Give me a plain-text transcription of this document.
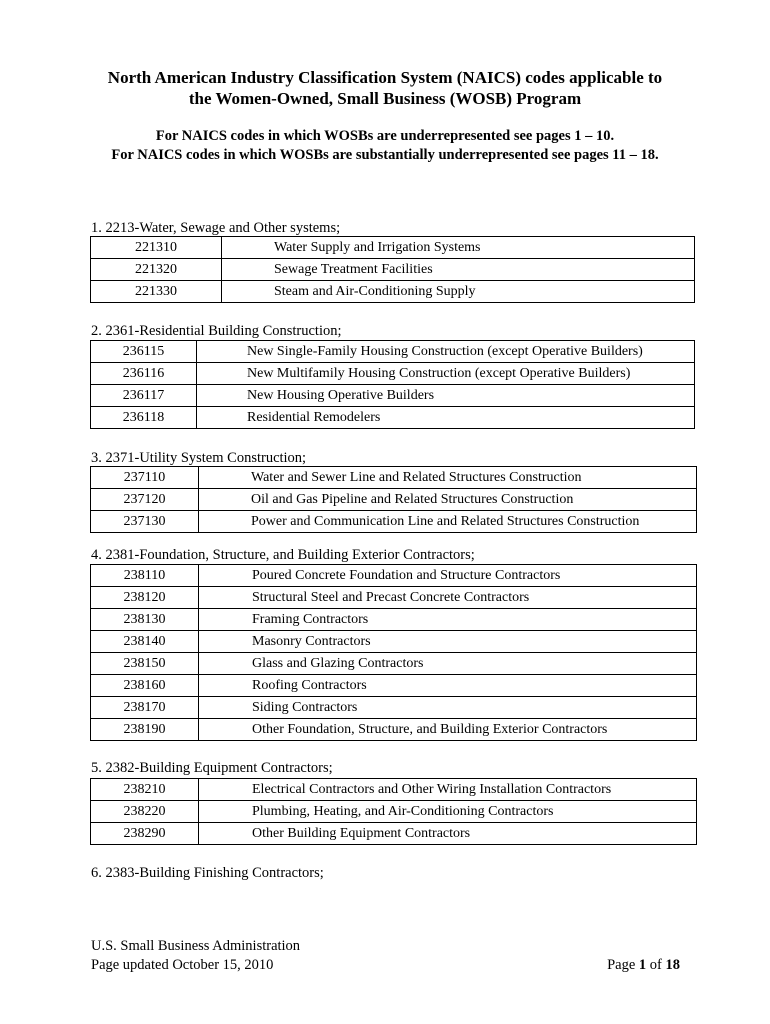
North American Industry Classification System (NAICS) codes applicable to
the Women-Owned, Small Business (WOSB) Program
For NAICS codes in which WOSBs are underrepresented see pages 1 – 10.
For NAICS codes in which WOSBs are substantially underrepresented see pages 11 – 18.
1. 2213-Water, Sewage and Other systems;
221310	Water Supply and Irrigation Systems
221320	Sewage Treatment Facilities
221330	Steam and Air-Conditioning Supply
2. 2361-Residential Building Construction;
236115	New Single-Family Housing Construction (except Operative Builders)
236116	New Multifamily Housing Construction (except Operative Builders)
236117	New Housing Operative Builders
236118	Residential Remodelers
3. 2371-Utility System Construction;
237110	Water and Sewer Line and Related Structures Construction
237120	Oil and Gas Pipeline and Related Structures Construction
237130	Power and Communication Line and Related Structures Construction
4. 2381-Foundation, Structure, and Building Exterior Contractors;
238110	Poured Concrete Foundation and Structure Contractors
238120	Structural Steel and Precast Concrete Contractors
238130	Framing Contractors
238140	Masonry Contractors
238150	Glass and Glazing Contractors
238160	Roofing Contractors
238170	Siding Contractors
238190	Other Foundation, Structure, and Building Exterior Contractors
5. 2382-Building Equipment Contractors;
238210	Electrical Contractors and Other Wiring Installation Contractors
238220	Plumbing, Heating, and Air-Conditioning Contractors
238290	Other Building Equipment Contractors
6. 2383-Building Finishing Contractors;
U.S. Small Business Administration
Page updated October 15, 2010	Page 1 of 18
